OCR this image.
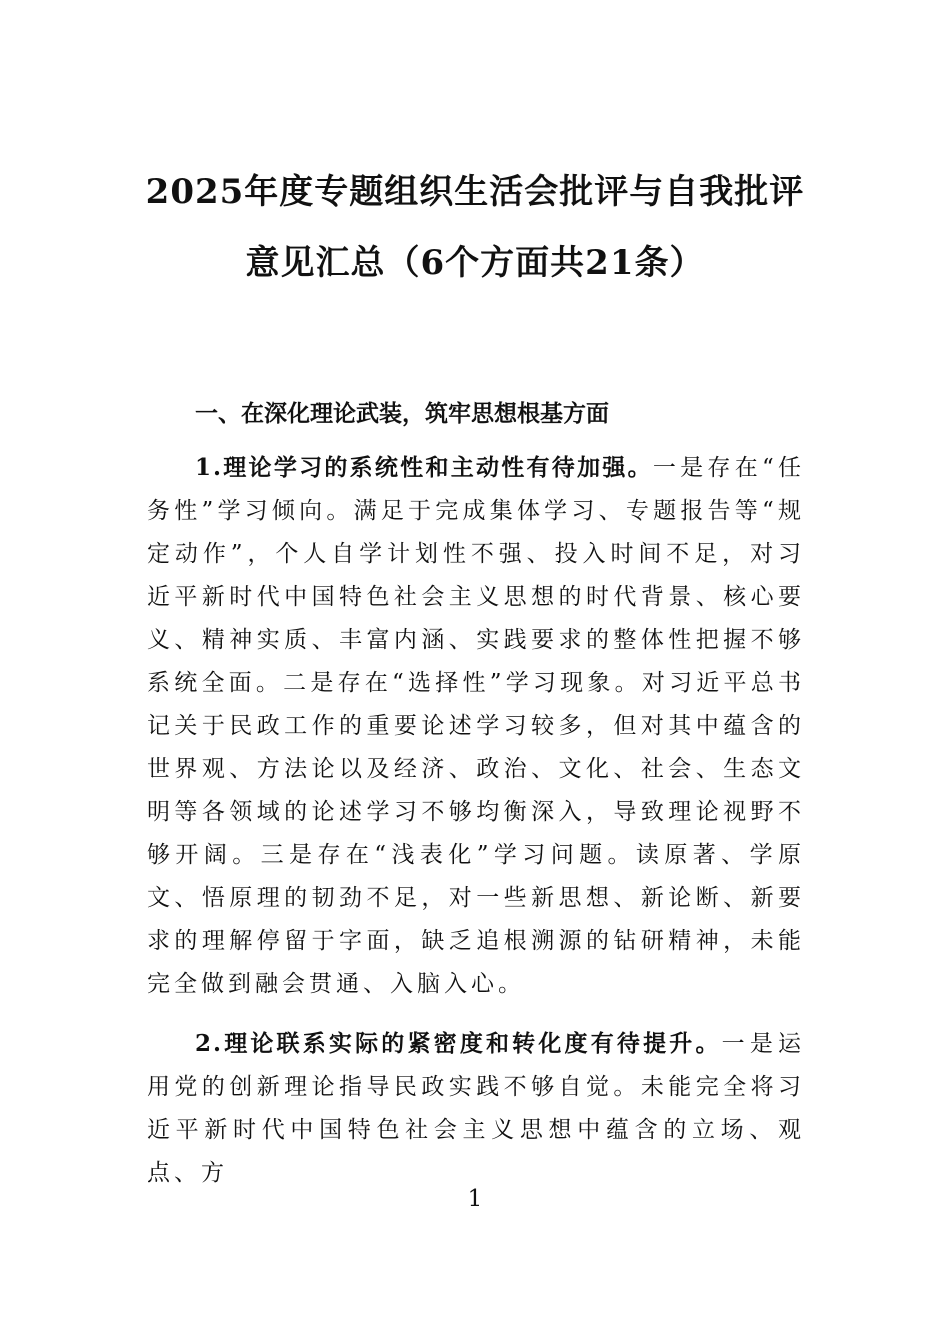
2025年度专题组织生活会批评与自我批评
意见汇总（6个方面共21条）
一、在深化理论武装，筑牢思想根基方面

1.理论学习的系统性和主动性有待加强。一是存在“任务性”学习倾向。满足于完成集体学习、专题报告等“规定动作”，个人自学计划性不强、投入时间不足，对习近平新时代中国特色社会主义思想的时代背景、核心要义、精神实质、丰富内涵、实践要求的整体性把握不够系统全面。二是存在“选择性”学习现象。对习近平总书记关于民政工作的重要论述学习较多，但对其中蕴含的世界观、方法论以及经济、政治、文化、社会、生态文明等各领域的论述学习不够均衡深入，导致理论视野不够开阔。三是存在“浅表化”学习问题。读原著、学原文、悟原理的韧劲不足，对一些新思想、新论断、新要求的理解停留于字面，缺乏追根溯源的钻研精神，未能完全做到融会贯通、入脑入心。

2.理论联系实际的紧密度和转化度有待提升。一是运用党的创新理论指导民政实践不够自觉。未能完全将习近平新时代中国特色社会主义思想中蕴含的立场、观点、方

1
